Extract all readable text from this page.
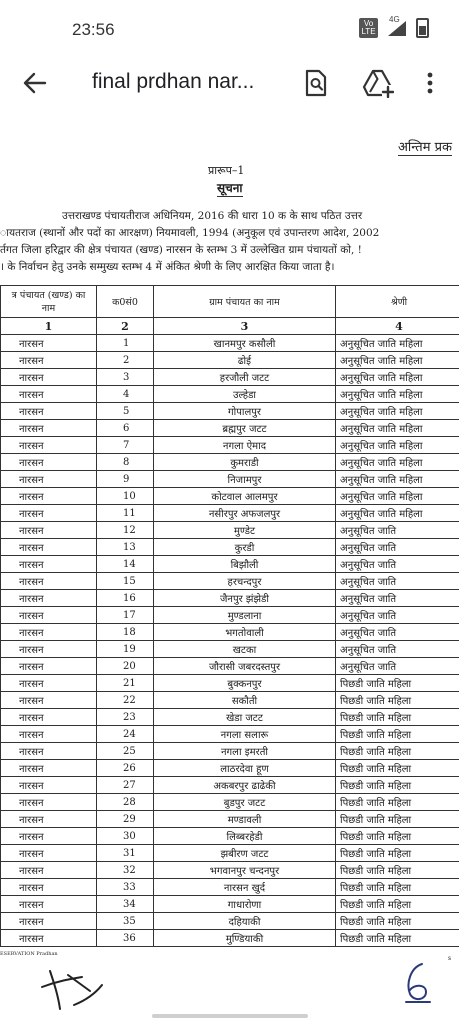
23:56	Vo LTE
4G
final prdhan nar...
अन्तिम प्रक
प्रारूप–1
सूचना
उत्तराखण्ड पंचायतीराज अधिनियम, 2016 की धारा 10 क के साथ पठित उत्तर
ायतराज (स्थानों और पदों का आरक्षण) नियमावली, 1994 (अनुकूल एवं उपान्तरण आदेश, 2002
र्तगत जिला हरिद्वार की क्षेत्र पंचायत (खण्ड) नारसन के स्तम्भ 3 में उल्लेखित ग्राम पंचायतों को, !
। के निर्वाचन हेतु उनके सम्मुख्य स्तम्भ 4 में अंकित श्रेणी के लिए आरक्षित किया जाता है।
त्र पंचायत (खण्ड) का नाम	क0सं0	ग्राम पंचायत का नाम	श्रेणी
1	2	3	4
नारसन	1	खानमपुर कसौली	अनुसूचित जाति महिला
नारसन	2	ढोई	अनुसूचित जाति महिला
नारसन	3	हरजौली जटट	अनुसूचित जाति महिला
नारसन	4	उल्हेडा	अनुसूचित जाति महिला
नारसन	5	गोपालपुर	अनुसूचित जाति महिला
नारसन	6	ब्रह्मपुर जटट	अनुसूचित जाति महिला
नारसन	7	नगला ऐमाद	अनुसूचित जाति महिला
नारसन	8	कुमराडी	अनुसूचित जाति महिला
नारसन	9	निजामपुर	अनुसूचित जाति महिला
नारसन	10	कोटवाल आलमपुर	अनुसूचित जाति महिला
नारसन	11	नसीरपुर अफजलपुर	अनुसूचित जाति महिला
नारसन	12	मुण्डेट	अनुसूचित जाति
नारसन	13	कुरडी	अनुसूचित जाति
नारसन	14	बिझौली	अनुसूचित जाति
नारसन	15	हरचन्दपुर	अनुसूचित जाति
नारसन	16	जैनपुर झंझेडी	अनुसूचित जाति
नारसन	17	मुण्डलाना	अनुसूचित जाति
नारसन	18	भगतोवाली	अनुसूचित जाति
नारसन	19	खटका	अनुसूचित जाति
नारसन	20	जौरासी जबरदस्तपुर	अनुसूचित जाति
नारसन	21	बुक्कनपुर	पिछडी जाति महिला
नारसन	22	सकौती	पिछडी जाति महिला
नारसन	23	खेडा जटट	पिछडी जाति महिला
नारसन	24	नगला सलारू	पिछडी जाति महिला
नारसन	25	नगला इमरती	पिछडी जाति महिला
नारसन	26	लाठरदेवा हूण	पिछडी जाति महिला
नारसन	27	अकबरपुर ढाढेकी	पिछडी जाति महिला
नारसन	28	बुडपुर जटट	पिछडी जाति महिला
नारसन	29	मण्डावली	पिछडी जाति महिला
नारसन	30	लिब्बरहेडी	पिछडी जाति महिला
नारसन	31	झबीरण जटट	पिछडी जाति महिला
नारसन	32	भगवानपुर चन्दनपुर	पिछडी जाति महिला
नारसन	33	नारसन खुर्द	पिछडी जाति महिला
नारसन	34	गाधारोणा	पिछडी जाति महिला
नारसन	35	दहियाकी	पिछडी जाति महिला
नारसन	36	मुण्डियाकी	पिछडी जाति महिला
ESERVATION Pradhan
s
